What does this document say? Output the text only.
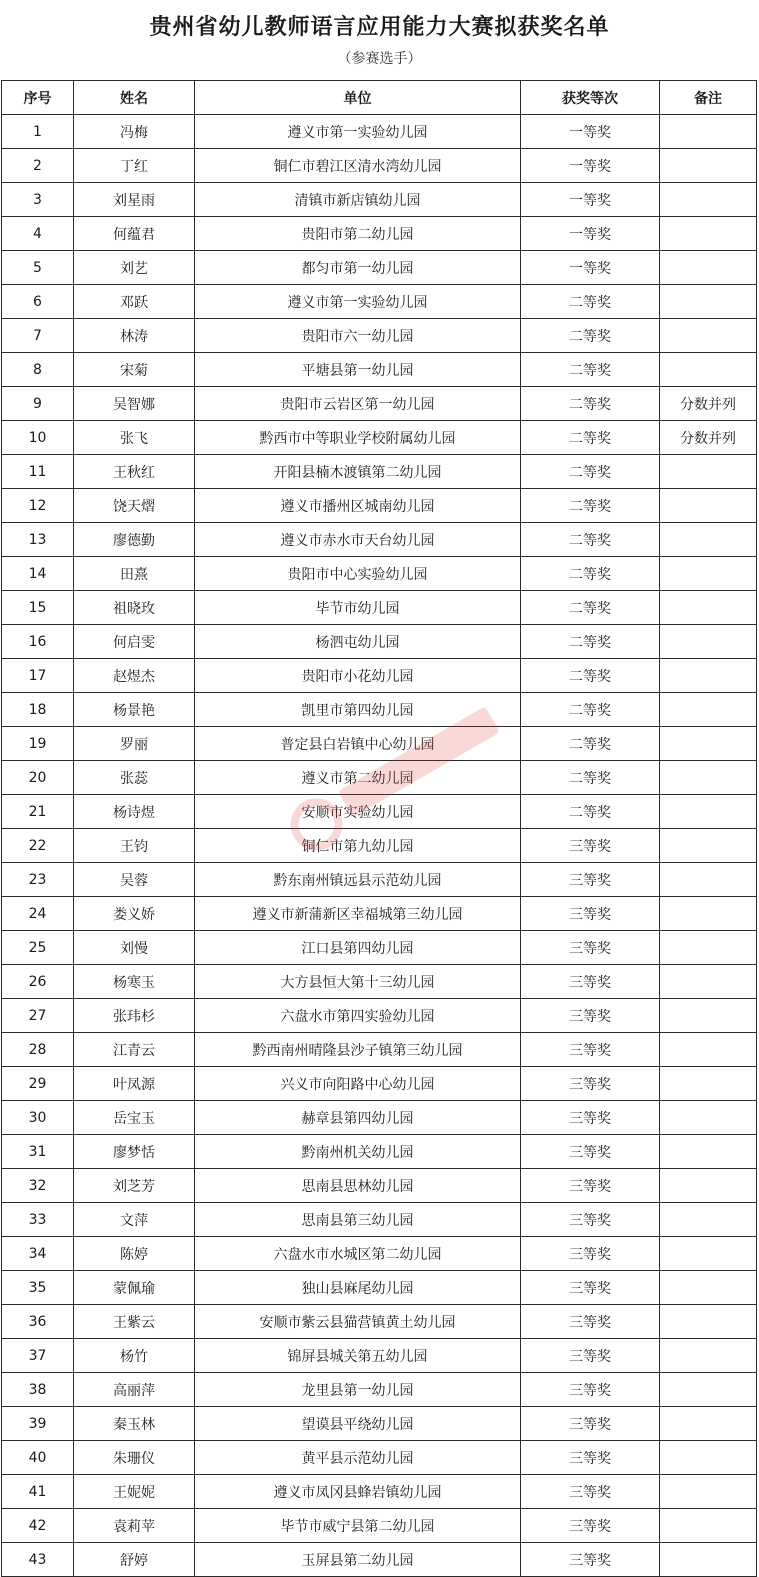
贵州省幼儿教师语言应用能力大赛拟获奖名单
（参赛选手）
序号	姓名	单位	获奖等次	备注
1	冯梅	遵义市第一实验幼儿园	一等奖	
2	丁红	铜仁市碧江区清水湾幼儿园	一等奖	
3	刘星雨	清镇市新店镇幼儿园	一等奖	
4	何蕴君	贵阳市第二幼儿园	一等奖	
5	刘艺	都匀市第一幼儿园	一等奖	
6	邓跃	遵义市第一实验幼儿园	二等奖	
7	林涛	贵阳市六一幼儿园	二等奖	
8	宋菊	平塘县第一幼儿园	二等奖	
9	吴智娜	贵阳市云岩区第一幼儿园	二等奖	分数并列
10	张飞	黔西市中等职业学校附属幼儿园	二等奖	分数并列
11	王秋红	开阳县楠木渡镇第二幼儿园	二等奖	
12	饶天熠	遵义市播州区城南幼儿园	二等奖	
13	廖德勤	遵义市赤水市天台幼儿园	二等奖	
14	田熹	贵阳市中心实验幼儿园	二等奖	
15	祖晓玫	毕节市幼儿园	二等奖	
16	何启雯	杨泗屯幼儿园	二等奖	
17	赵煜杰	贵阳市小花幼儿园	二等奖	
18	杨景艳	凯里市第四幼儿园	二等奖	
19	罗丽	普定县白岩镇中心幼儿园	二等奖	
20	张蕊	遵义市第二幼儿园	二等奖	
21	杨诗煜	安顺市实验幼儿园	二等奖	
22	王钧	铜仁市第九幼儿园	三等奖	
23	吴蓉	黔东南州镇远县示范幼儿园	三等奖	
24	娄义娇	遵义市新蒲新区幸福城第三幼儿园	三等奖	
25	刘慢	江口县第四幼儿园	三等奖	
26	杨寒玉	大方县恒大第十三幼儿园	三等奖	
27	张玮杉	六盘水市第四实验幼儿园	三等奖	
28	江青云	黔西南州晴隆县沙子镇第三幼儿园	三等奖	
29	叶凤源	兴义市向阳路中心幼儿园	三等奖	
30	岳宝玉	赫章县第四幼儿园	三等奖	
31	廖梦恬	黔南州机关幼儿园	三等奖	
32	刘芝芳	思南县思林幼儿园	三等奖	
33	文萍	思南县第三幼儿园	三等奖	
34	陈婷	六盘水市水城区第二幼儿园	三等奖	
35	蒙佩瑜	独山县麻尾幼儿园	三等奖	
36	王紫云	安顺市紫云县猫营镇黄土幼儿园	三等奖	
37	杨竹	锦屏县城关第五幼儿园	三等奖	
38	高丽萍	龙里县第一幼儿园	三等奖	
39	秦玉林	望谟县平绕幼儿园	三等奖	
40	朱珊仪	黄平县示范幼儿园	三等奖	
41	王妮妮	遵义市凤冈县蜂岩镇幼儿园	三等奖	
42	袁莉苹	毕节市威宁县第二幼儿园	三等奖	
43	舒婷	玉屏县第二幼儿园	三等奖	
